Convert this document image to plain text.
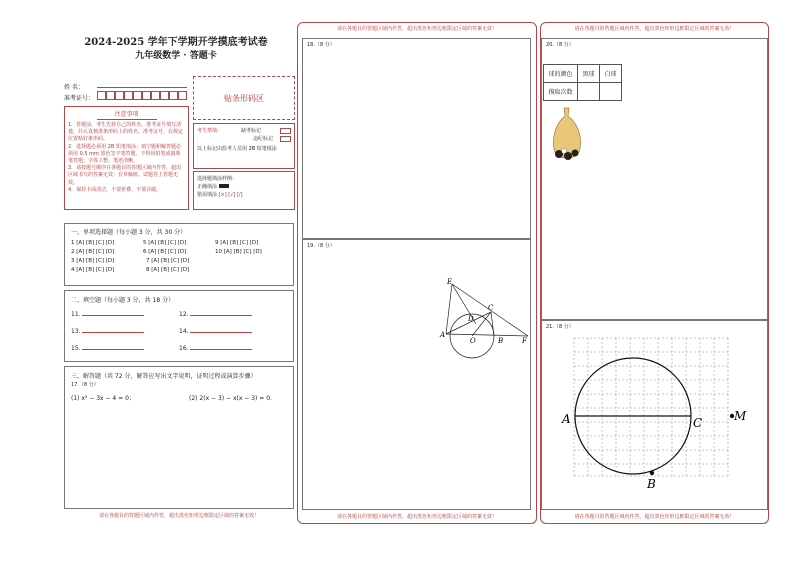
2024-2025 学年下学期开学摸底考试卷
九年级数学 · 答题卡
姓 名：
准考证号：	贴条形码区
注意事项
1．答题前，考生先将自己的姓名，准考证号填写清楚，并认真核准条形码上的姓名、准考证号，在规定位置贴好条形码。
2．选择题必须用 2B 铅笔填涂；填空题和解答题必须用 0.5 mm 黑色签字笔答题，不得用铅笔或圆珠笔答题；字体工整、笔迹清晰。
3．请按题号顺序在各题目的答题区域内作答，超出区域书写的答案无效；在草稿纸、试题卷上答题无效。
4．保持卡面清洁，不要折叠、不要弄破。
考生禁填：	缺考标记
违纪标记
以上标记由监考人员用 2B 铅笔填涂
选择题填涂样例：
正确填涂
错误填涂 [×] [√] [/]
一、单项选择题（每小题 3 分，共 30 分）
1 [A] [B] [C] [D]	5 [A] [B] [C] [D]	9 [A] [B] [C] [D]
2 [A] [B] [C] [D]	6 [A] [B] [C] [D]	10 [A] [B] [C] [D]
3 [A] [B] [C] [D]	7 [A] [B] [C] [D]
4 [A] [B] [C] [D]	8 [A] [B] [C] [D]
二、填空题（每小题 3 分，共 18 分）
11.	12.
13.	14.
15.	16.
三、解答题（共 72 分，解答应写出文字说明，证明过程或演算步骤）
17.（8 分）
(1) x² − 3x − 4 = 0；	(2) 2(x − 3) − x(x − 3) = 0．
请在各题目的答题区域内作答，超出黑色矩形边框限定区域的答案无效！
请在各题目的答题区域内作答，超出黑色矩形边框限定区域的答案无效！
18.（8 分）
19.（8 分）
E
D
C
A
O	B	F
请在各题目的答题区域内作答，超出黑色矩形边框限定区域的答案无效！
请在各题目的答题区域内作答，超出黑色矩形边框限定区域的答案无效！
20.（8 分）
球的颜色	黑球	白球
摸取次数		
21.（8 分）
A	C	M
B
请在各题目的答题区域内作答，超出黑色矩形边框限定区域的答案无效！
